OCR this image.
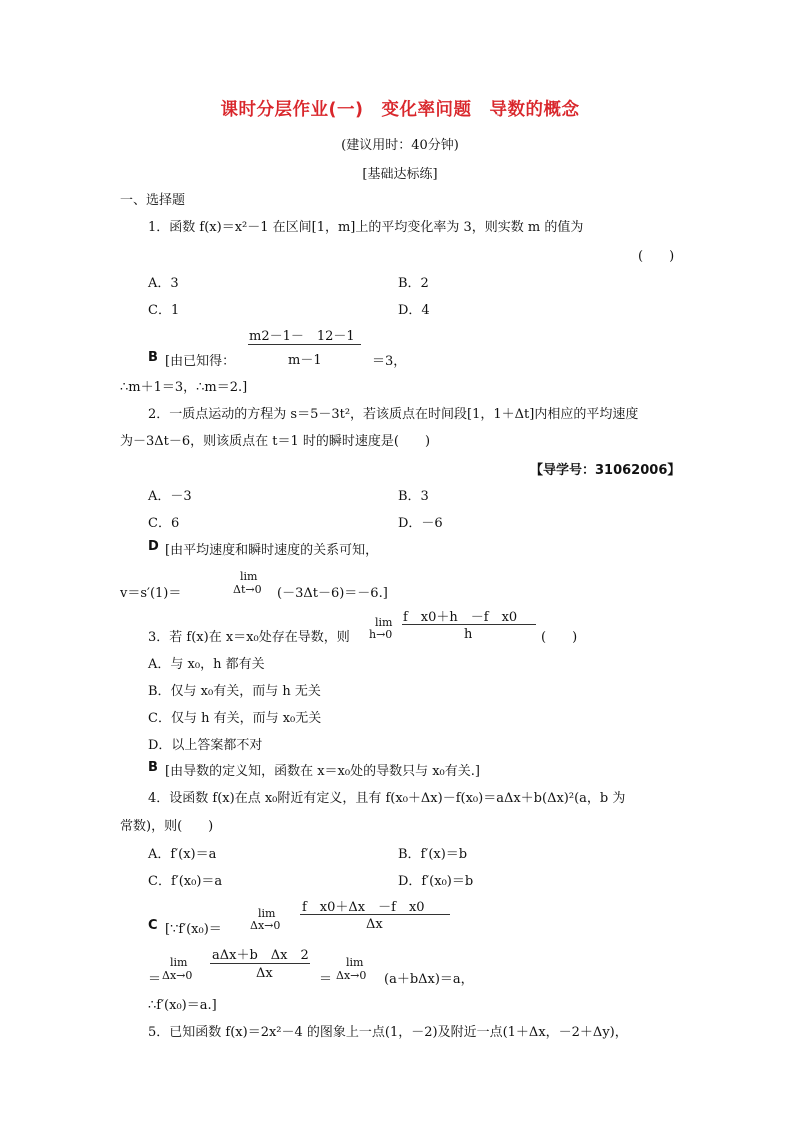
课时分层作业(一)　变化率问题　导数的概念
(建议用时：40分钟)
[基础达标练]
一、选择题
1．函数 f(x)＝x²－1 在区间[1，m]上的平均变化率为 3，则实数 m 的值为
(　　)
A．3	B．2
C．1	D．4
m2－1－　12－1
B [由已知得：	m－1	＝3，
∴m＋1＝3，∴m＝2.]
2．一质点运动的方程为 s＝5－3t²，若该质点在时间段[1，1＋Δt]内相应的平均速度
为－3Δt－6，则该质点在 t＝1 时的瞬时速度是(　　)
【导学号：31062006】
A．－3	B．3
C．6	D．－6
D [由平均速度和瞬时速度的关系可知，
lim
v＝s′(1)＝	Δt→0 (－3Δt－6)＝－6.]
f　x0＋h　－f　x0
lim
3．若 f(x)在 x＝x₀处存在导数，则 h→0	h	(　　)
A．与 x₀，h 都有关
B．仅与 x₀有关，而与 h 无关
C．仅与 h 有关，而与 x₀无关
D．以上答案都不对
B [由导数的定义知，函数在 x＝x₀处的导数只与 x₀有关.]
4．设函数 f(x)在点 x₀附近有定义，且有 f(x₀＋Δx)－f(x₀)＝aΔx＋b(Δx)²(a，b 为
常数)，则(　　)
A．f′(x)＝a	B．f′(x)＝b
C．f′(x₀)＝a	D．f′(x₀)＝b
f　x0＋Δx　－f　x0
lim
C [∵f′(x₀)＝	Δx→0	Δx
aΔx＋b　Δx　2
lim	lim
＝ Δx→0	Δx	＝ Δx→0 (a＋bΔx)＝a，
∴f′(x₀)＝a.]
5．已知函数 f(x)＝2x²－4 的图象上一点(1，－2)及附近一点(1＋Δx，－2＋Δy)，
